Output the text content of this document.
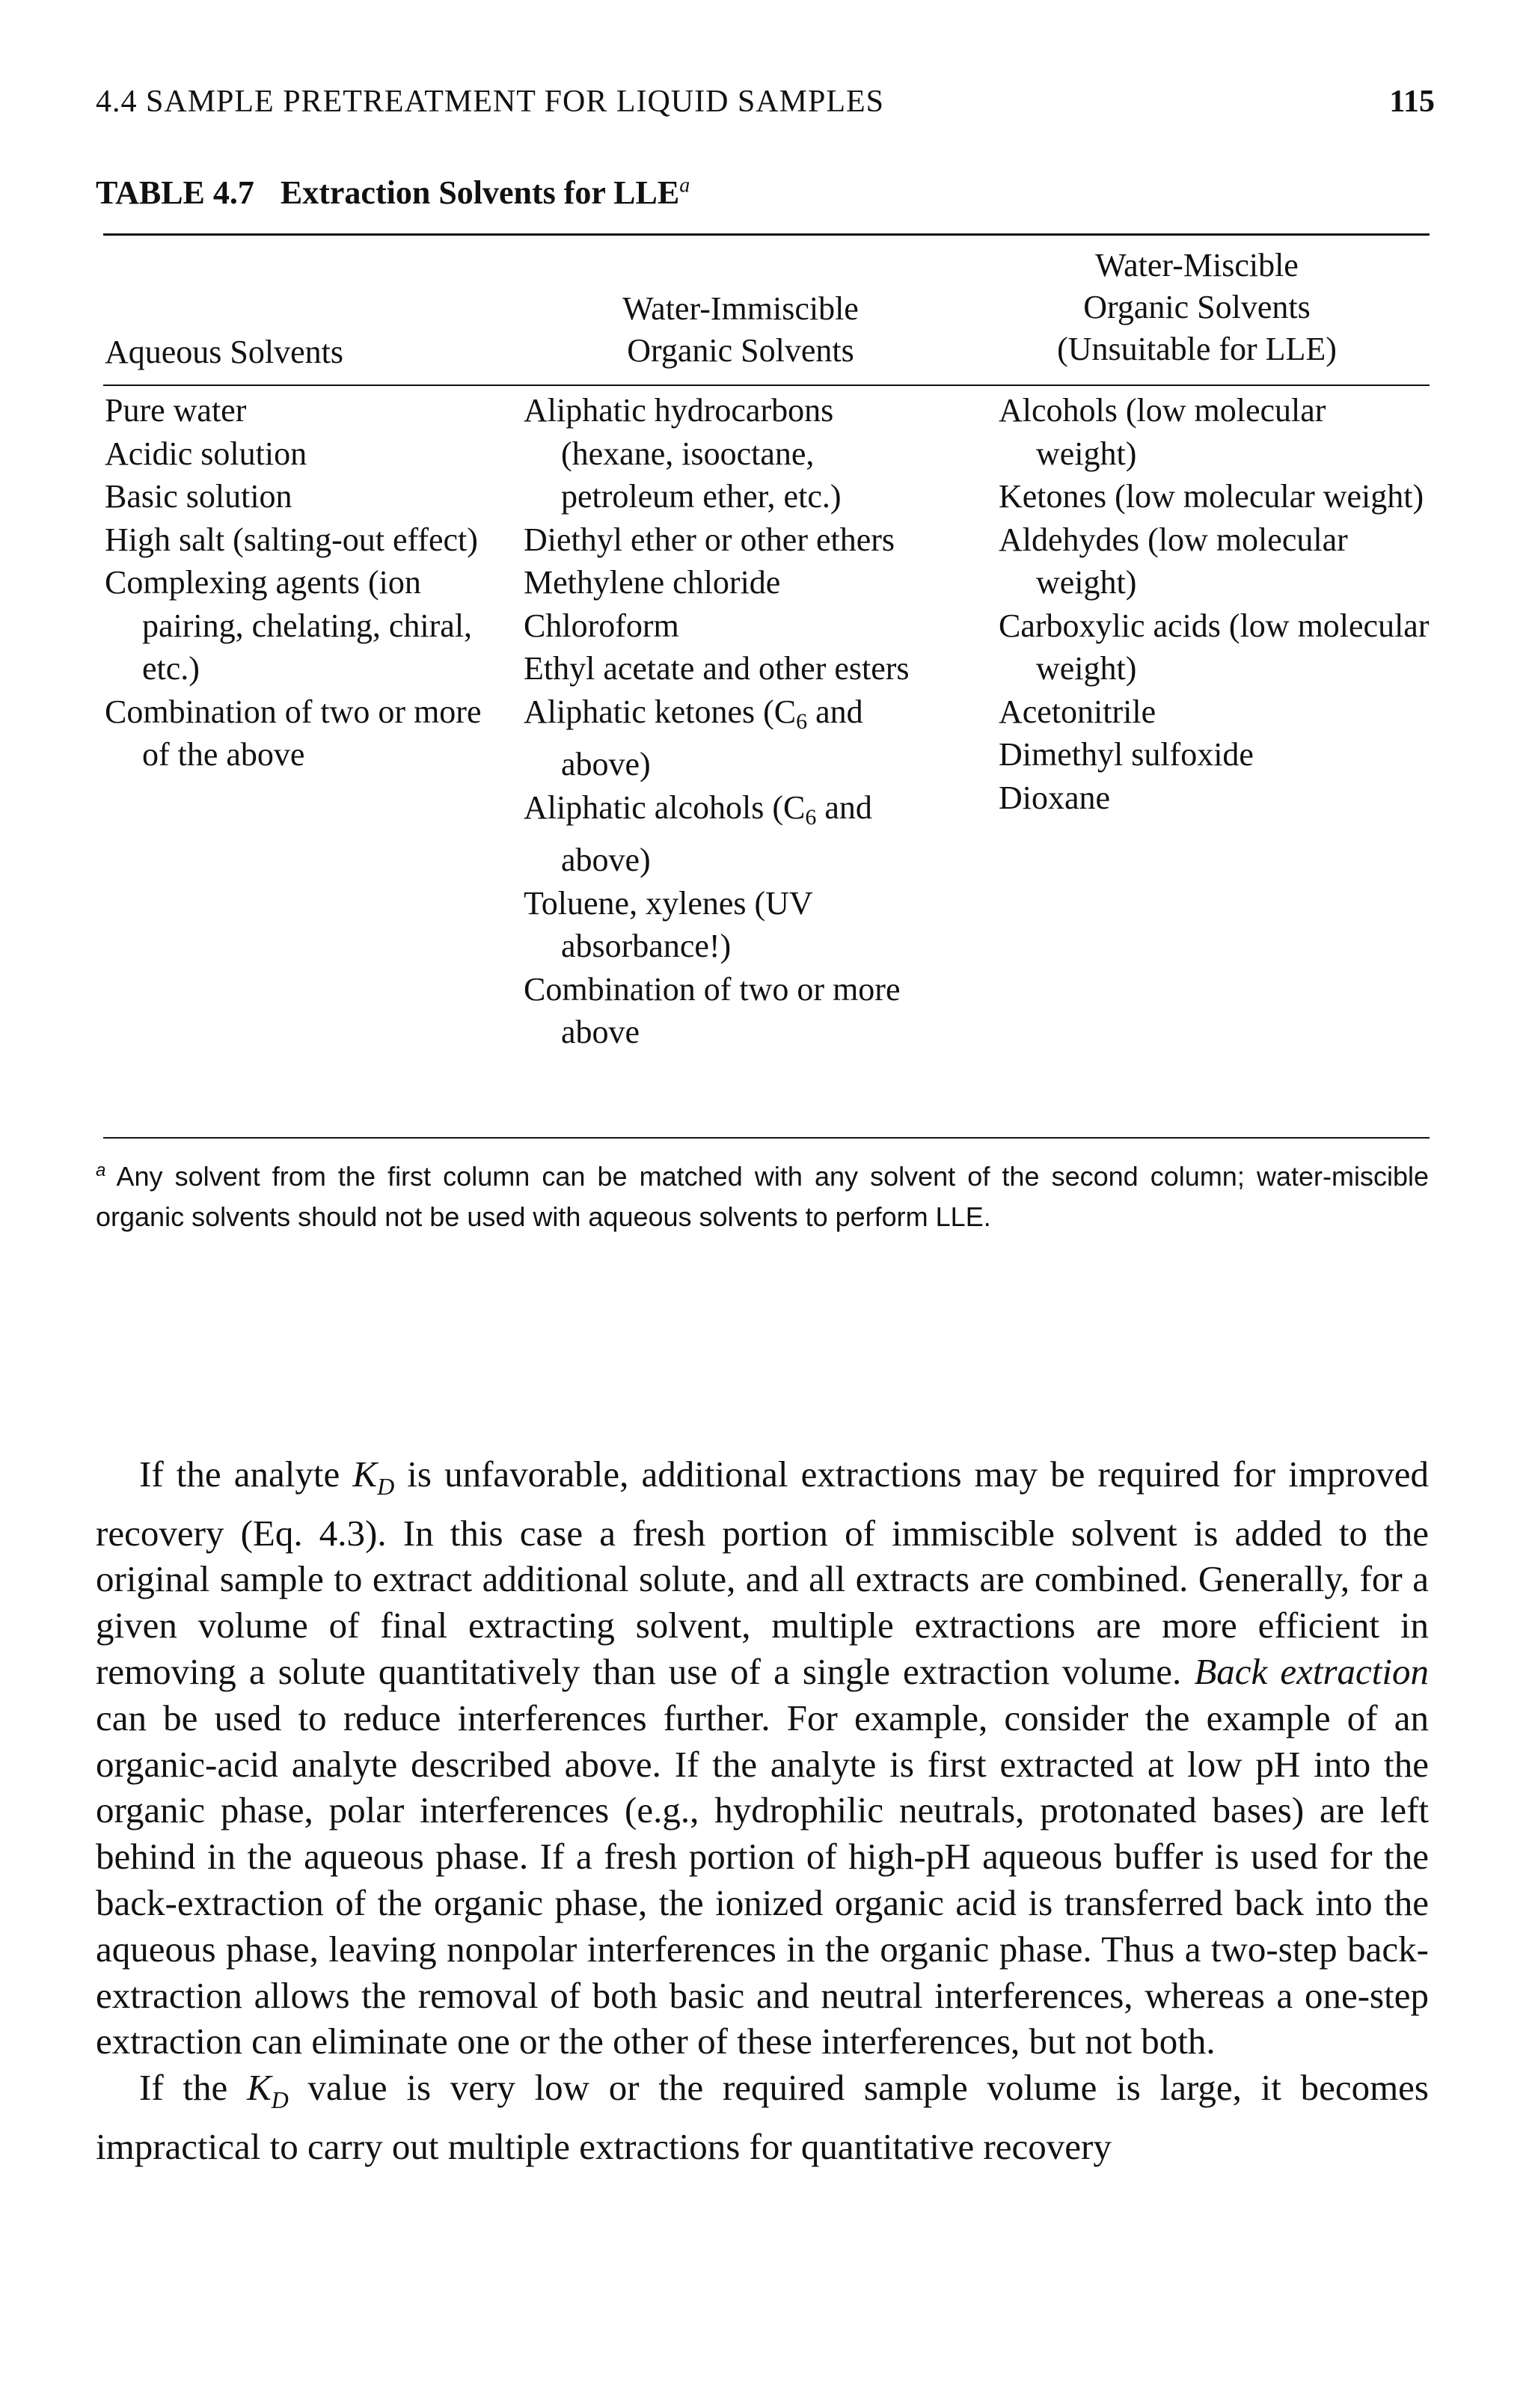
4.4 SAMPLE PRETREATMENT FOR LIQUID SAMPLES	115
TABLE 4.7 Extraction Solvents for LLE$^a$
Aqueous Solvents
Water-Immiscible
Organic Solvents
Water-Miscible
Organic Solvents
(Unsuitable for LLE)
Pure water
Acidic solution
Basic solution
High salt (salting-out effect)
Complexing agents (ion pairing, chelating, chiral, etc.)
Combination of two or more of the above
Aliphatic hydrocarbons (hexane, isooctane, petroleum ether, etc.)
Diethyl ether or other ethers
Methylene chloride
Chloroform
Ethyl acetate and other esters
Aliphatic ketones ($C_6$ and above)
Aliphatic alcohols ($C_6$ and above)
Toluene, xylenes (UV absorbance!)
Combination of two or more above
Alcohols (low molecular weight)
Ketones (low molecular weight)
Aldehydes (low molecular weight)
Carboxylic acids (low molecular weight)
Acetonitrile
Dimethyl sulfoxide
Dioxane
$^a$ Any solvent from the first column can be matched with any solvent of the second column; water-miscible organic solvents should not be used with aqueous solvents to perform LLE.

If the analyte $K_D$ is unfavorable, additional extractions may be required for improved recovery (Eq. 4.3). In this case a fresh portion of immiscible solvent is added to the original sample to extract additional solute, and all extracts are combined. Generally, for a given volume of final extracting solvent, multiple extractions are more efficient in removing a solute quantitatively than use of a single extraction volume. Back extraction can be used to reduce interferences further. For example, consider the example of an organic-acid analyte described above. If the analyte is first extracted at low pH into the organic phase, polar interferences (e.g., hydrophilic neutrals, protonated bases) are left behind in the aqueous phase. If a fresh portion of high-pH aqueous buffer is used for the back-extraction of the organic phase, the ionized organic acid is transferred back into the aqueous phase, leaving nonpolar interferences in the organic phase. Thus a two-step back-extraction allows the removal of both basic and neutral interferences, whereas a one-step extraction can eliminate one or the other of these interferences, but not both.

If the $K_D$ value is very low or the required sample volume is large, it becomes impractical to carry out multiple extractions for quantitative recovery
